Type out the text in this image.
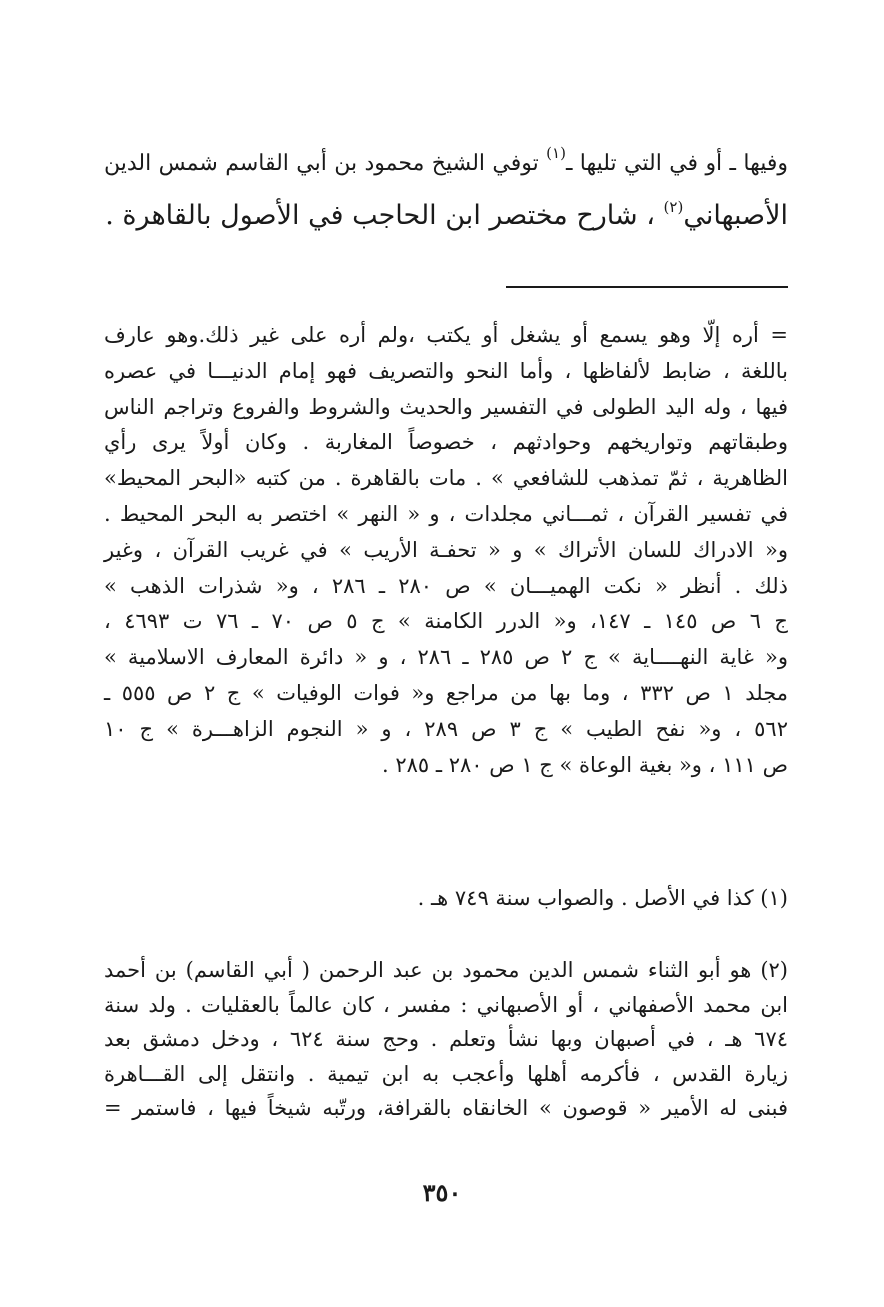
وفيها ـ أو في التي تليها ـ$^{(١)}$ توفي الشيخ محمود بن أبي القاسم شمس الدين
الأصبهاني$^{(٢)}$ ، شارح مختصر ابن الحاجب في الأصول بالقاهرة .
= أره إلّا وهو يسمع أو يشغل أو يكتب ،ولم أره على غير ذلك.وهو عارف
باللغة ، ضابط لألفاظها ، وأما النحو والتصريف فهو إمام الدنيـــا في عصره
فيها ، وله اليد الطولى في التفسير والحديث والشروط والفروع وتراجم الناس
وطبقاتهم وتواريخهم وحوادثهم ، خصوصاً المغاربة . وكان أولاً يرى رأي
الظاهرية ، ثمّ تمذهب للشافعي » . مات بالقاهرة . من كتبه «البحر المحيط»
في تفسير القرآن ، ثمـــاني مجلدات ، و « النهر » اختصر به البحر المحيط .
و« الادراك للسان الأتراك » و « تحفـة الأريب » في غريب القرآن ، وغير
ذلك . أنظر « نكت الهميـــان » ص ٢٨٠ ـ ٢٨٦ ، و« شذرات الذهب »
ج ٦ ص ١٤٥ ـ ١٤٧، و« الدرر الكامنة » ج ٥ ص ٧٠ ـ ٧٦ ت ٤٦٩٣ ،
و« غاية النهــــاية » ج ٢ ص ٢٨٥ ـ ٢٨٦ ، و « دائرة المعارف الاسلامية »
مجلد ١ ص ٣٣٢ ، وما بها من مراجع و« فوات الوفيات » ج ٢ ص ٥٥٥ ـ
٥٦٢ ، و« نفح الطيب » ج ٣ ص ٢٨٩ ، و « النجوم الزاهـــرة » ج ١٠
ص ١١١ ، و« بغية الوعاة » ج ١ ص ٢٨٠ ـ ٢٨٥ .
(١) كذا في الأصل . والصواب سنة ٧٤٩ هـ .
(٢) هو أبو الثناء شمس الدين محمود بن عبد الرحمن ( أبي القاسم) بن أحمد
ابن محمد الأصفهاني ، أو الأصبهاني : مفسر ، كان عالماً بالعقليات . ولد سنة
٦٧٤ هـ ، في أصبهان وبها نشأ وتعلم . وحج سنة ٦٢٤ ، ودخل دمشق بعد
زيارة القدس ، فأكرمه أهلها وأعجب به ابن تيمية . وانتقل إلى القـــاهرة
فبنى له الأمير « قوصون » الخانقاه بالقرافة، ورتّبه شيخاً فيها ، فاستمر =
٣٥٠
